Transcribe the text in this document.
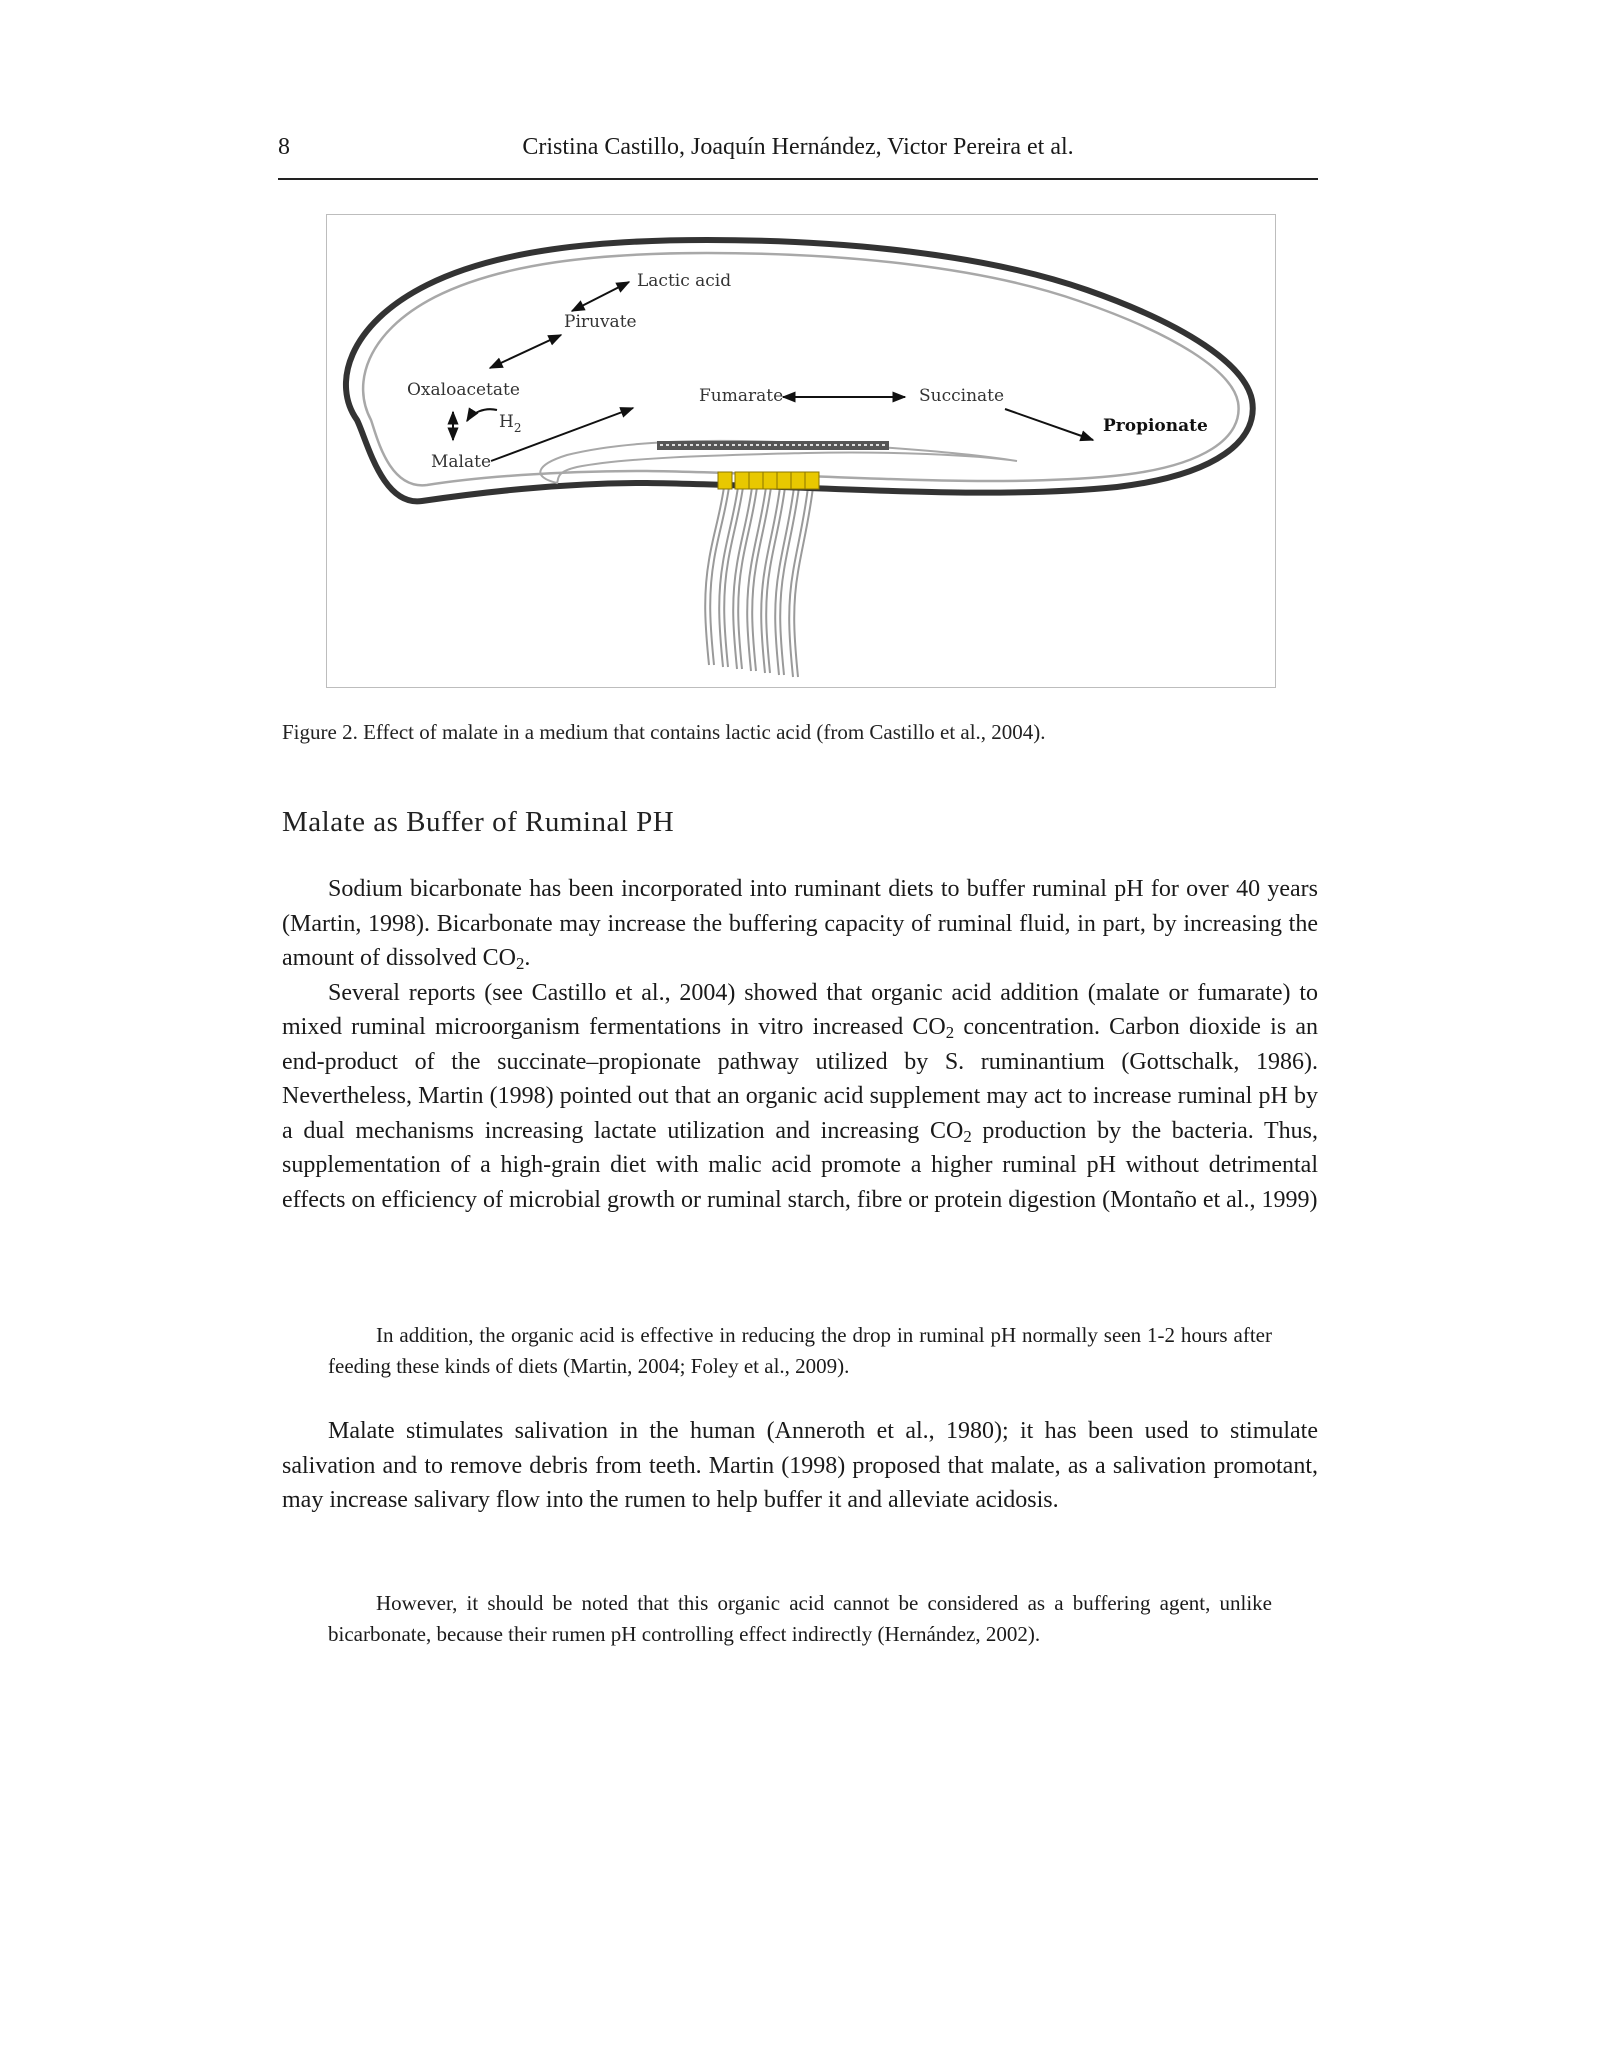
8	Cristina Castillo, Joaquín Hernández, Victor Pereira et al.
Lactic acid
Piruvate
Oxaloacetate
$H_2$
Malate
Fumarate	Succinate
Propionate
Figure 2. Effect of malate in a medium that contains lactic acid (from Castillo et al., 2004).
Malate as Buffer of Ruminal PH

Sodium bicarbonate has been incorporated into ruminant diets to buffer ruminal pH for over 40 years (Martin, 1998). Bicarbonate may increase the buffering capacity of ruminal fluid, in part, by increasing the amount of dissolved $CO_2$.

Several reports (see Castillo et al., 2004) showed that organic acid addition (malate or fumarate) to mixed ruminal microorganism fermentations in vitro increased $CO_2$ concentration. Carbon dioxide is an end-product of the succinate–propionate pathway utilized by S. ruminantium (Gottschalk, 1986). Nevertheless, Martin (1998) pointed out that an organic acid supplement may act to increase ruminal pH by a dual mechanisms increasing lactate utilization and increasing $CO_2$ production by the bacteria. Thus, supplementation of a high-grain diet with malic acid promote a higher ruminal pH without detrimental effects on efficiency of microbial growth or ruminal starch, fibre or protein digestion (Montaño et al., 1999)

In addition, the organic acid is effective in reducing the drop in ruminal pH normally seen 1-2 hours after feeding these kinds of diets (Martin, 2004; Foley et al., 2009).

Malate stimulates salivation in the human (Anneroth et al., 1980); it has been used to stimulate salivation and to remove debris from teeth. Martin (1998) proposed that malate, as a salivation promotant, may increase salivary flow into the rumen to help buffer it and alleviate acidosis.

However, it should be noted that this organic acid cannot be considered as a buffering agent, unlike bicarbonate, because their rumen pH controlling effect indirectly (Hernández, 2002).
